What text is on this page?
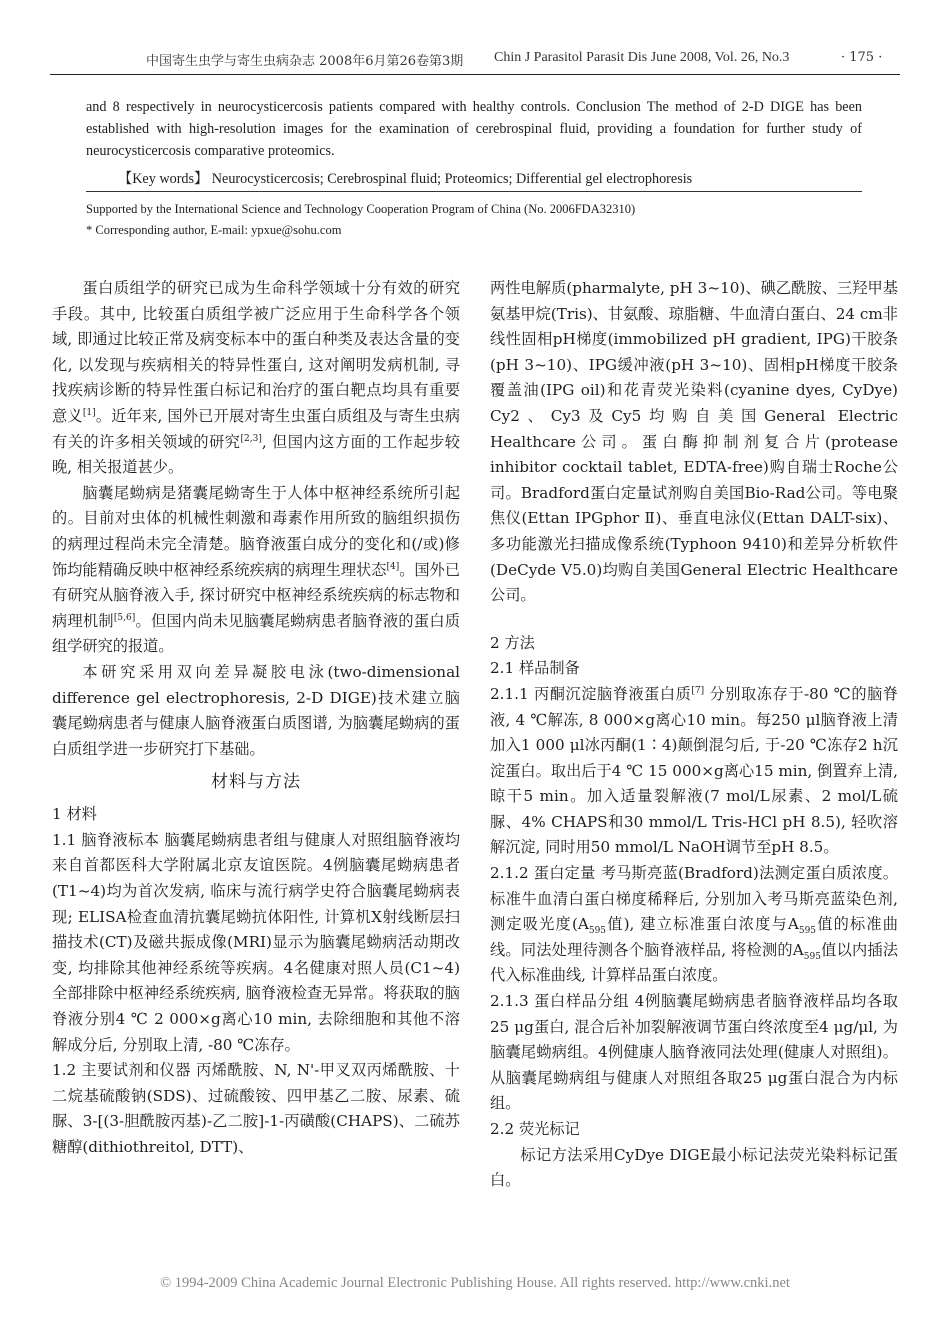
中国寄生虫学与寄生虫病杂志 2008年6月第26卷第3期 Chin J Parasitol Parasit Dis June 2008, Vol. 26, No.3	· 175 ·
and 8 respectively in neurocysticercosis patients compared with healthy controls. Conclusion The method of 2-D DIGE has been established with high-resolution images for the examination of cerebrospinal fluid, providing a foundation for further study of neurocysticercosis comparative proteomics.
【Key words】 Neurocysticercosis; Cerebrospinal fluid; Proteomics; Differential gel electrophoresis
Supported by the International Science and Technology Cooperation Program of China (No. 2006FDA32310)
* Corresponding author, E-mail: ypxue@sohu.com

蛋白质组学的研究已成为生命科学领域十分有效的研究手段。其中, 比较蛋白质组学被广泛应用于生命科学各个领域, 即通过比较正常及病变标本中的蛋白种类及表达含量的变化, 以发现与疾病相关的特异性蛋白, 这对阐明发病机制, 寻找疾病诊断的特异性蛋白标记和治疗的蛋白靶点均具有重要意义[1]。近年来, 国外已开展对寄生虫蛋白质组及与寄生虫病有关的许多相关领域的研究[2,3], 但国内这方面的工作起步较晚, 相关报道甚少。

脑囊尾蚴病是猪囊尾蚴寄生于人体中枢神经系统所引起的。目前对虫体的机械性刺激和毒素作用所致的脑组织损伤的病理过程尚未完全清楚。脑脊液蛋白成分的变化和(/或)修饰均能精确反映中枢神经系统疾病的病理生理状态[4]。国外已有研究从脑脊液入手, 探讨研究中枢神经系统疾病的标志物和病理机制[5,6]。但国内尚未见脑囊尾蚴病患者脑脊液的蛋白质组学研究的报道。

本研究采用双向差异凝胶电泳(two-dimensional difference gel electrophoresis, 2-D DIGE)技术建立脑囊尾蚴病患者与健康人脑脊液蛋白质图谱, 为脑囊尾蚴病的蛋白质组学进一步研究打下基础。

材料与方法

1 材料

1.1 脑脊液标本 脑囊尾蚴病患者组与健康人对照组脑脊液均来自首都医科大学附属北京友谊医院。4例脑囊尾蚴病患者(T1~4)均为首次发病, 临床与流行病学史符合脑囊尾蚴病表现; ELISA检查血清抗囊尾蚴抗体阳性, 计算机X射线断层扫描技术(CT)及磁共振成像(MRI)显示为脑囊尾蚴病活动期改变, 均排除其他神经系统等疾病。4名健康对照人员(C1~4)全部排除中枢神经系统疾病, 脑脊液检查无异常。将获取的脑脊液分别4 ℃ 2 000×g离心10 min, 去除细胞和其他不溶解成分后, 分别取上清, -80 ℃冻存。

1.2 主要试剂和仪器 丙烯酰胺、N, N'-甲叉双丙烯酰胺、十二烷基硫酸钠(SDS)、过硫酸铵、四甲基乙二胺、尿素、硫脲、3-[(3-胆酰胺丙基)-乙二胺]-1-丙磺酸(CHAPS)、二硫苏糖醇(dithiothreitol, DTT)、

两性电解质(pharmalyte, pH 3~10)、碘乙酰胺、三羟甲基氨基甲烷(Tris)、甘氨酸、琼脂糖、牛血清白蛋白、24 cm非线性固相pH梯度(immobilized pH gradient, IPG)干胶条(pH 3~10)、IPG缓冲液(pH 3~10)、固相pH梯度干胶条覆盖油(IPG oil)和花青荧光染料(cyanine dyes, CyDye) Cy2、Cy3及Cy5均购自美国General Electric Healthcare公司。蛋白酶抑制剂复合片(protease inhibitor cocktail tablet, EDTA-free)购自瑞士Roche公司。Bradford蛋白定量试剂购自美国Bio-Rad公司。等电聚焦仪(Ettan IPGphor Ⅱ)、垂直电泳仪(Ettan DALT-six)、多功能激光扫描成像系统(Typhoon 9410)和差异分析软件(DeCyde V5.0)均购自美国General Electric Healthcare公司。

2 方法

2.1 样品制备

2.1.1 丙酮沉淀脑脊液蛋白质[7] 分别取冻存于-80 ℃的脑脊液, 4 ℃解冻, 8 000×g离心10 min。每250 μl脑脊液上清加入1 000 μl冰丙酮(1∶4)颠倒混匀后, 于-20 ℃冻存2 h沉淀蛋白。取出后于4 ℃ 15 000×g离心15 min, 倒置弃上清, 晾干5 min。加入适量裂解液(7 mol/L尿素、2 mol/L硫脲、4% CHAPS和30 mmol/L Tris-HCl pH 8.5), 轻吹溶解沉淀, 同时用50 mmol/L NaOH调节至pH 8.5。

2.1.2 蛋白定量 考马斯亮蓝(Bradford)法测定蛋白质浓度。标准牛血清白蛋白梯度稀释后, 分别加入考马斯亮蓝染色剂, 测定吸光度($A_{595}$值), 建立标准蛋白浓度与$A_{595}$值的标准曲线。同法处理待测各个脑脊液样品, 将检测的$A_{595}$值以内插法代入标准曲线, 计算样品蛋白浓度。

2.1.3 蛋白样品分组 4例脑囊尾蚴病患者脑脊液样品均各取25 μg蛋白, 混合后补加裂解液调节蛋白终浓度至4 μg/μl, 为脑囊尾蚴病组。4例健康人脑脊液同法处理(健康人对照组)。从脑囊尾蚴病组与健康人对照组各取25 μg蛋白混合为内标组。

2.2 荧光标记

标记方法采用CyDye DIGE最小标记法荧光染料标记蛋白。

© 1994-2009 China Academic Journal Electronic Publishing House. All rights reserved. http://www.cnki.net
